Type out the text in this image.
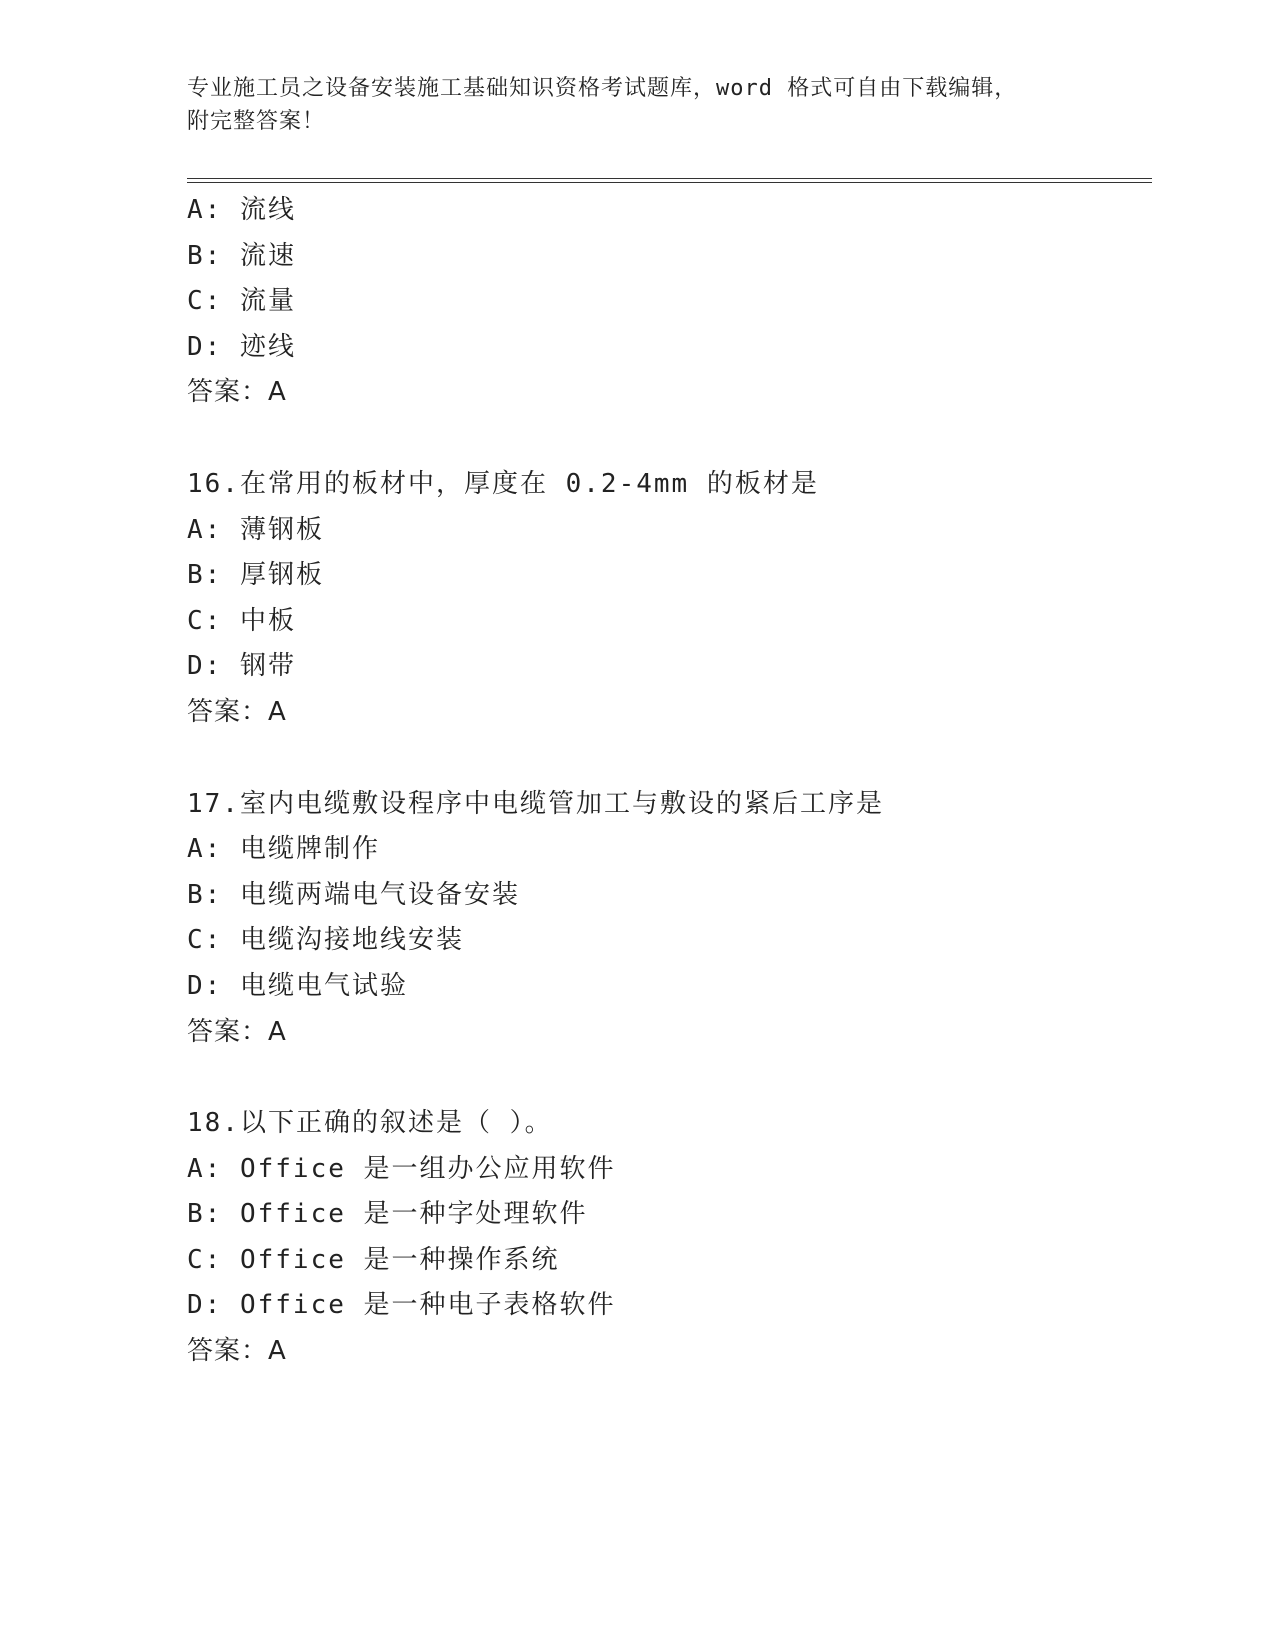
专业施工员之设备安装施工基础知识资格考试题库，word 格式可自由下载编辑，
附完整答案！
A: 流线
B: 流速
C: 流量
D: 迹线
答案：A
16.在常用的板材中，厚度在 0.2-4mm 的板材是
A: 薄钢板
B: 厚钢板
C: 中板
D: 钢带
答案：A
17.室内电缆敷设程序中电缆管加工与敷设的紧后工序是
A: 电缆牌制作
B: 电缆两端电气设备安装
C: 电缆沟接地线安装
D: 电缆电气试验
答案：A
18.以下正确的叙述是（ ）。
A: Office 是一组办公应用软件
B: Office 是一种字处理软件
C: Office 是一种操作系统
D: Office 是一种电子表格软件
答案：A
